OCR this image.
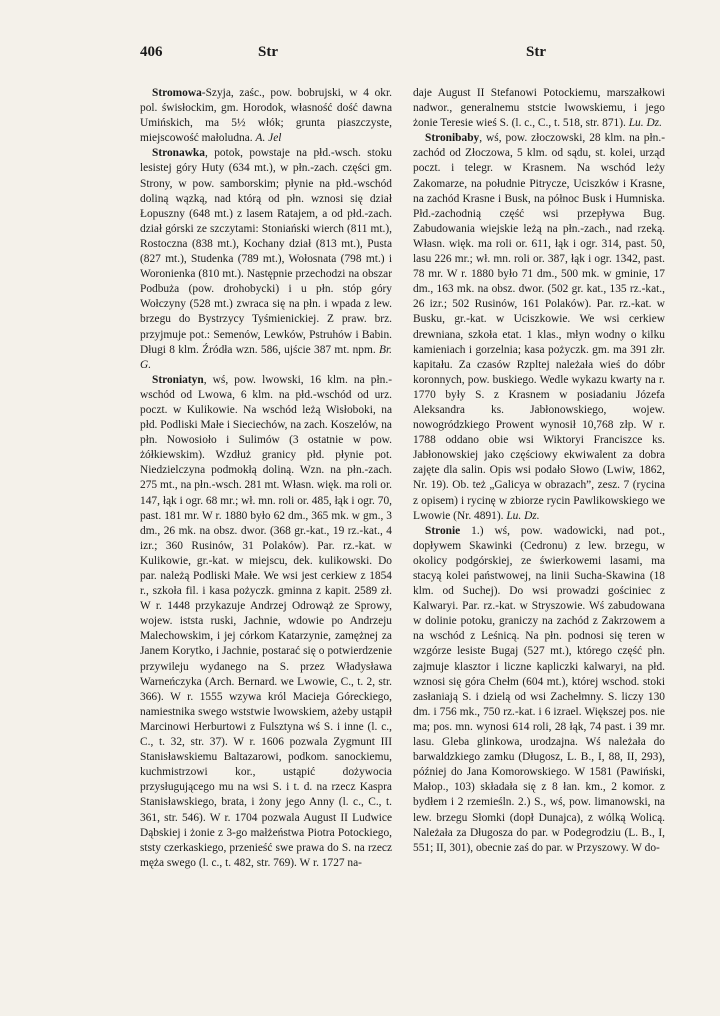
406	Str	Str

Stromowa-Szyja, zaśc., pow. bobrujski, w 4 okr. pol. świsłockim, gm. Horodok, własność dość dawna Umińskich, ma 5½ włók; grunta piaszczyste, miejscowość małoludna. A. Jel

Stronawka, potok, powstaje na płd.-wsch. stoku lesistej góry Huty (634 mt.), w płn.-zach. części gm. Strony, w pow. samborskim; płynie na płd.-wschód doliną wązką, nad którą od płn. wznosi się dział Łopuszny (648 mt.) z lasem Ratajem, a od płd.-zach. dział górski ze szczytami: Stoniański wierch (811 mt.), Rostoczna (838 mt.), Kochany dział (813 mt.), Pusta (827 mt.), Studenka (789 mt.), Wołosnata (798 mt.) i Woronienka (810 mt.). Następnie przechodzi na obszar Podbuża (pow. drohobycki) i u płn. stóp góry Wołczyny (528 mt.) zwraca się na płn. i wpada z lew. brzegu do Bystrzycy Tyśmienickiej. Z praw. brz. przyjmuje pot.: Semenów, Lewków, Pstruhów i Babin. Długi 8 klm. Źródła wzn. 586, ujście 387 mt. npm. Br. G.

Stroniatyn, wś, pow. lwowski, 16 klm. na płn.-wschód od Lwowa, 6 klm. na płd.-wschód od urz. poczt. w Kulikowie. Na wschód leżą Wisłoboki, na płd. Podliski Małe i Sieciechów, na zach. Koszelów, na płn. Nowosioło i Sulimów (3 ostatnie w pow. żółkiewskim). Wzdłuż granicy płd. płynie pot. Niedzielczyna podmokłą doliną. Wzn. na płn.-zach. 275 mt., na płn.-wsch. 281 mt. Własn. więk. ma roli or. 147, łąk i ogr. 68 mr.; wł. mn. roli or. 485, łąk i ogr. 70, past. 181 mr. W r. 1880 było 62 dm., 365 mk. w gm., 3 dm., 26 mk. na obsz. dwor. (368 gr.-kat., 19 rz.-kat., 4 izr.; 360 Rusinów, 31 Polaków). Par. rz.-kat. w Kulikowie, gr.-kat. w miejscu, dek. kulikowski. Do par. należą Podliski Małe. We wsi jest cerkiew z 1854 r., szkoła fil. i kasa pożyczk. gminna z kapit. 2589 zł. W r. 1448 przykazuje Andrzej Odrowąż ze Sprowy, wojew. iststa ruski, Jachnie, wdowie po Andrzeju Malechowskim, i jej córkom Katarzynie, zamężnej za Janem Korytko, i Jachnie, postarać się o potwierdzenie przywileju wydanego na S. przez Władysława Warneńczyka (Arch. Bernard. we Lwowie, C., t. 2, str. 366). W r. 1555 wzywa król Macieja Góreckiego, namiestnika swego wststwie lwowskiem, ażeby ustąpił Marcinowi Herburtowi z Fulsztyna wś S. i inne (l. c., C., t. 32, str. 37). W r. 1606 pozwala Zygmunt III Stanisławskiemu Baltazarowi, podkom. sanockiemu, kuchmistrzowi kor., ustąpić dożywocia przysługującego mu na wsi S. i t. d. na rzecz Kaspra Stanisławskiego, brata, i żony jego Anny (l. c., C., t. 361, str. 546). W r. 1704 pozwala August II Ludwice Dąbskiej i żonie z 3-go małżeństwa Piotra Potockiego, ststy czerkaskiego, przenieść swe prawa do S. na rzecz męża swego (l. c., t. 482, str. 769). W r. 1727 na-

daje August II Stefanowi Potockiemu, marszałkowi nadwor., generalnemu ststcie lwowskiemu, i jego żonie Teresie wieś S. (l. c., C., t. 518, str. 871). Lu. Dz.

Stronibaby, wś, pow. złoczowski, 28 klm. na płn.-zachód od Złoczowa, 5 klm. od sądu, st. kolei, urząd poczt. i telegr. w Krasnem. Na wschód leży Zakomarze, na południe Pitrycze, Uciszków i Krasne, na zachód Krasne i Busk, na północ Busk i Humniska. Płd.-zachodnią część wsi przepływa Bug. Zabudowania wiejskie leżą na płn.-zach., nad rzeką. Własn. więk. ma roli or. 611, łąk i ogr. 314, past. 50, lasu 226 mr.; wł. mn. roli or. 387, łąk i ogr. 1342, past. 78 mr. W r. 1880 było 71 dm., 500 mk. w gminie, 17 dm., 163 mk. na obsz. dwor. (502 gr. kat., 135 rz.-kat., 26 izr.; 502 Rusinów, 161 Polaków). Par. rz.-kat. w Busku, gr.-kat. w Uciszkowie. We wsi cerkiew drewniana, szkoła etat. 1 klas., młyn wodny o kilku kamieniach i gorzelnia; kasa pożyczk. gm. ma 391 złr. kapitału. Za czasów Rzpltej należała wieś do dóbr koronnych, pow. buskiego. Wedle wykazu kwarty na r. 1770 były S. z Krasnem w posiadaniu Józefa Aleksandra ks. Jabłonowskiego, wojew. nowogródzkiego Prowent wynosił 10,768 złp. W r. 1788 oddano obie wsi Wiktoryi Franciszce ks. Jabłonowskiej jako częściowy ekwiwalent za dobra zajęte dla salin. Opis wsi podało Słowo (Lwiw, 1862, Nr. 19). Ob. też „Galicya w obrazach”, zesz. 7 (rycina z opisem) i rycinę w zbiorze rycin Pawlikowskiego we Lwowie (Nr. 4891). Lu. Dz.

Stronie 1.) wś, pow. wadowicki, nad pot., dopływem Skawinki (Cedronu) z lew. brzegu, w okolicy podgórskiej, ze świerkowemi lasami, ma stacyą kolei państwowej, na linii Sucha-Skawina (18 klm. od Suchej). Do wsi prowadzi gościniec z Kalwaryi. Par. rz.-kat. w Stryszowie. Wś zabudowana w dolinie potoku, graniczy na zachód z Zakrzowem a na wschód z Leśnicą. Na płn. podnosi się teren w wzgórze lesiste Bugaj (527 mt.), którego część płn. zajmuje klasztor i liczne kapliczki kalwaryi, na płd. wznosi się góra Chełm (604 mt.), której wschod. stoki zasłaniają S. i dzielą od wsi Zachełmny. S. liczy 130 dm. i 756 mk., 750 rz.-kat. i 6 izrael. Większej pos. nie ma; pos. mn. wynosi 614 roli, 28 łąk, 74 past. i 39 mr. lasu. Gleba glinkowa, urodzajna. Wś należała do barwaldzkiego zamku (Długosz, L. B., I, 88, II, 293), później do Jana Komorowskiego. W 1581 (Pawiński, Małop., 103) składała się z 8 łan. km., 2 komor. z bydłem i 2 rzemieśln. 2.) S., wś, pow. limanowski, na lew. brzegu Słomki (dopł Dunajca), z wólką Wolicą. Należała za Długosza do par. w Podegrodziu (L. B., I, 551; II, 301), obecnie zaś do par. w Przyszowy. W do-
